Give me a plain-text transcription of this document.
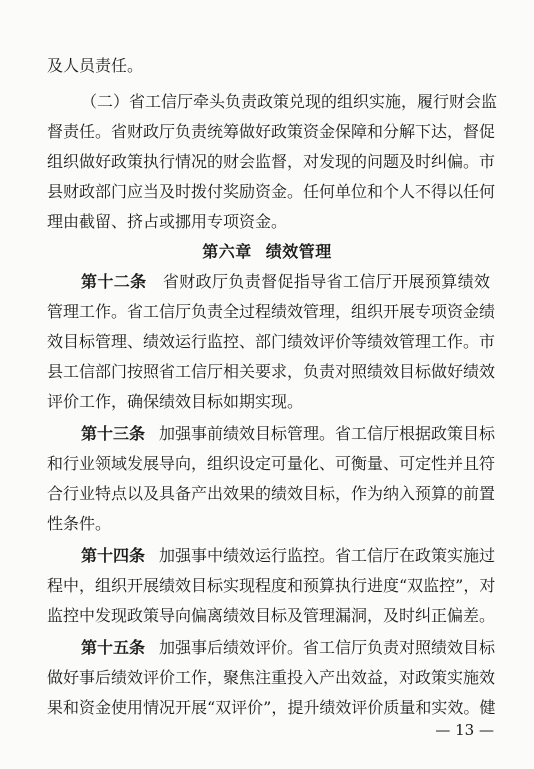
及人员责任。
（二）省工信厅牵头负责政策兑现的组织实施，履行财会监
督责任。省财政厅负责统筹做好政策资金保障和分解下达，督促
组织做好政策执行情况的财会监督，对发现的问题及时纠偏。市
县财政部门应当及时拨付奖励资金。任何单位和个人不得以任何
理由截留、挤占或挪用专项资金。
第六章 绩效管理
第十二条 省财政厅负责督促指导省工信厅开展预算绩效
管理工作。省工信厅负责全过程绩效管理，组织开展专项资金绩
效目标管理、绩效运行监控、部门绩效评价等绩效管理工作。市
县工信部门按照省工信厅相关要求，负责对照绩效目标做好绩效
评价工作，确保绩效目标如期实现。
第十三条 加强事前绩效目标管理。省工信厅根据政策目标
和行业领域发展导向，组织设定可量化、可衡量、可定性并且符
合行业特点以及具备产出效果的绩效目标，作为纳入预算的前置
性条件。
第十四条 加强事中绩效运行监控。省工信厅在政策实施过
程中，组织开展绩效目标实现程度和预算执行进度“双监控”，对
监控中发现政策导向偏离绩效目标及管理漏洞，及时纠正偏差。
第十五条 加强事后绩效评价。省工信厅负责对照绩效目标
做好事后绩效评价工作，聚焦注重投入产出效益，对政策实施效
果和资金使用情况开展“双评价”，提升绩效评价质量和实效。健
— 13 —
